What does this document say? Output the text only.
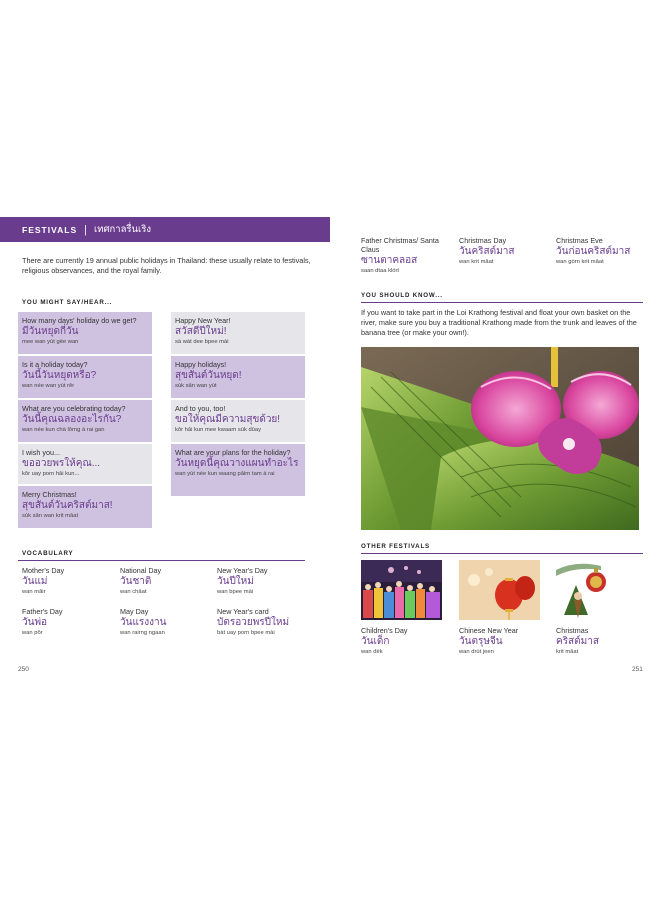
FESTIVALS | เทศกาลรื่นเริง
There are currently 19 annual public holidays in Thailand: these usually relate to festivals, religious observances, and the royal family.
YOU MIGHT SAY/HEAR...
How many days' holiday do we get?
มีวันหยุดกี่วัน
mee wan yùt gèe wan
Is it a holiday today?
วันนี้วันหยุดหรือ?
wan née wan yùt rěr
What are you celebrating today?
วันนี้คุณฉลองอะไรกัน?
wan née kun chà lǒrng à rai gan
I wish you...
ขออวยพรให้คุณ...
kŏr uay porn hâi kun...
Merry Christmas!
สุขสันต์วันคริสต์มาส!
sùk sǎn wan krit mâat
Happy New Year!
สวัสดีปีใหม่!
sà wàt dee bpee mài
Happy holidays!
สุขสันต์วันหยุด!
sùk sǎn wan yùt
And to you, too!
ขอให้คุณมีความสุขด้วย!
kŏr hâi kun mee kwaam sùk dûay
What are your plans for the holiday?
วันหยุดนี้คุณวางแผนทำอะไร
wan yùt née kun waang pǎirn tam à rai
VOCABULARY
Mother's Day
วันแม่
wan mâir
National Day
วันชาติ
wan châat
New Year's Day
วันปีใหม่
wan bpee mài
Father's Day
วันพ่อ
wan pôr
May Day
วันแรงงาน
wan rairng ngaan
New Year's card
บัตรอวยพรปีใหม่
bàt uay porn bpee mài
250
Father Christmas/ Santa Claus
ซานตาคลอส
saan dtaa klórt
Christmas Day
วันคริสต์มาส
wan krit mâat
Christmas Eve
วันก่อนคริสต์มาส
wan gòrn krit mâat
YOU SHOULD KNOW...
If you want to take part in the Loi Krathong festival and float your own basket on the river, make sure you buy a traditional Krathong made from the trunk and leaves of the banana tree (or make your own!).
OTHER FESTIVALS
Children's Day
วันเด็ก
wan dèk
Chinese New Year
วันตรุษจีน
wan drùt jeen
Christmas
คริสต์มาส
krit mâat
251
